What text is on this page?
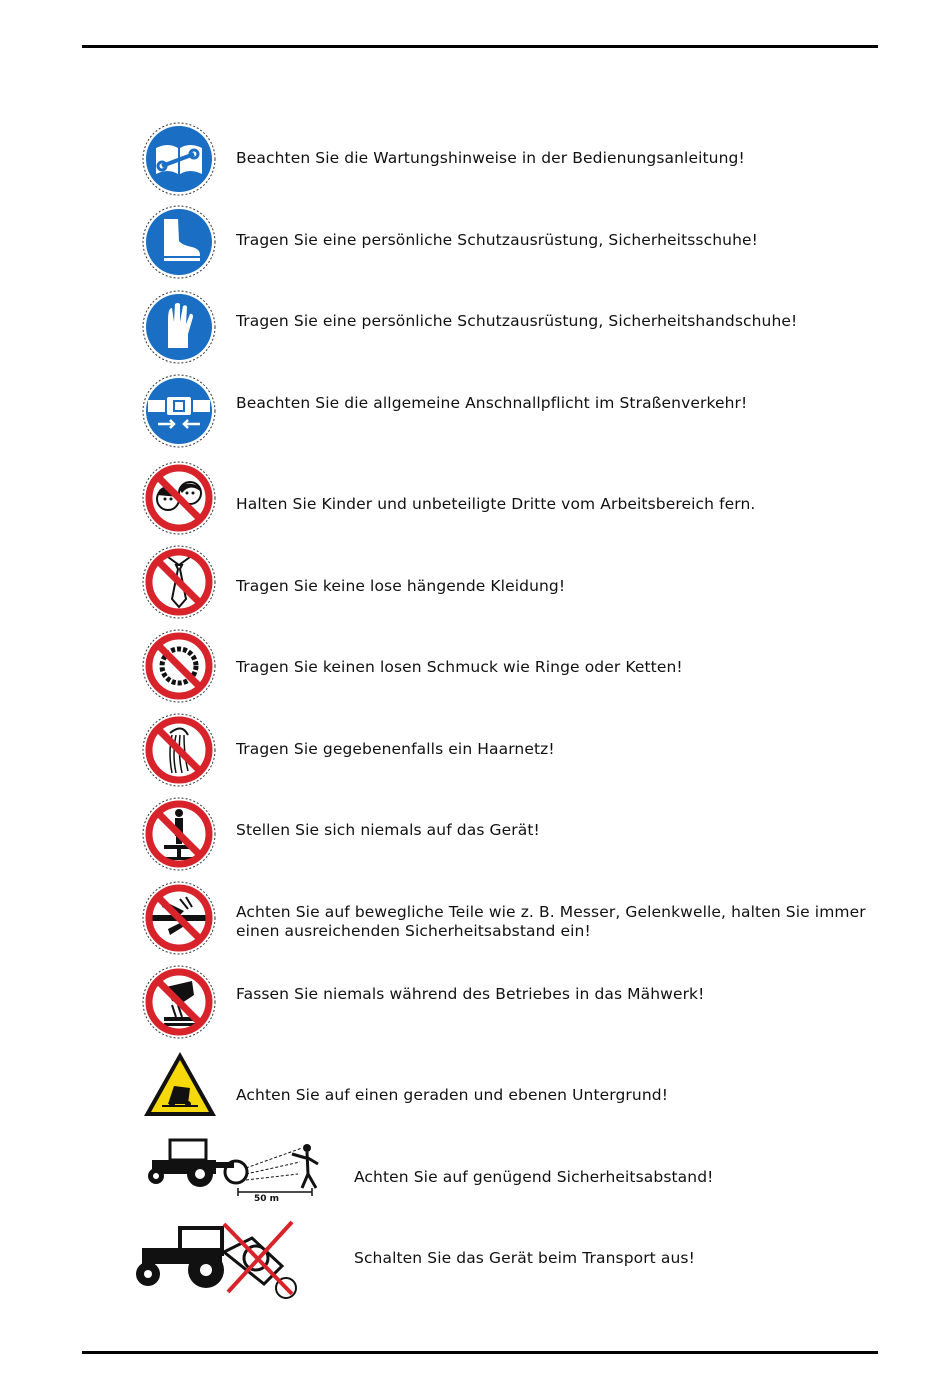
Beachten Sie die Wartungshinweise in der Bedienungsanleitung!
Tragen Sie eine persönliche Schutzausrüstung, Sicherheitsschuhe!
Tragen Sie eine persönliche Schutzausrüstung, Sicherheitshandschuhe!
Beachten Sie die allgemeine Anschnallpflicht im Straßenverkehr!
Halten Sie Kinder und unbeteiligte Dritte vom Arbeitsbereich fern.
Tragen Sie keine lose hängende Kleidung!
Tragen Sie keinen losen Schmuck wie Ringe oder Ketten!
Tragen Sie gegebenenfalls ein Haarnetz!
Stellen Sie sich niemals auf das Gerät!
Achten Sie auf bewegliche Teile wie z. B. Messer, Gelenkwelle, halten Sie immer einen ausreichenden Sicherheitsabstand ein!
Fassen Sie niemals während des Betriebes in das Mähwerk!
Achten Sie auf einen geraden und ebenen Untergrund!
50 m
Achten Sie auf genügend Sicherheitsabstand!
Schalten Sie das Gerät beim Transport aus!
